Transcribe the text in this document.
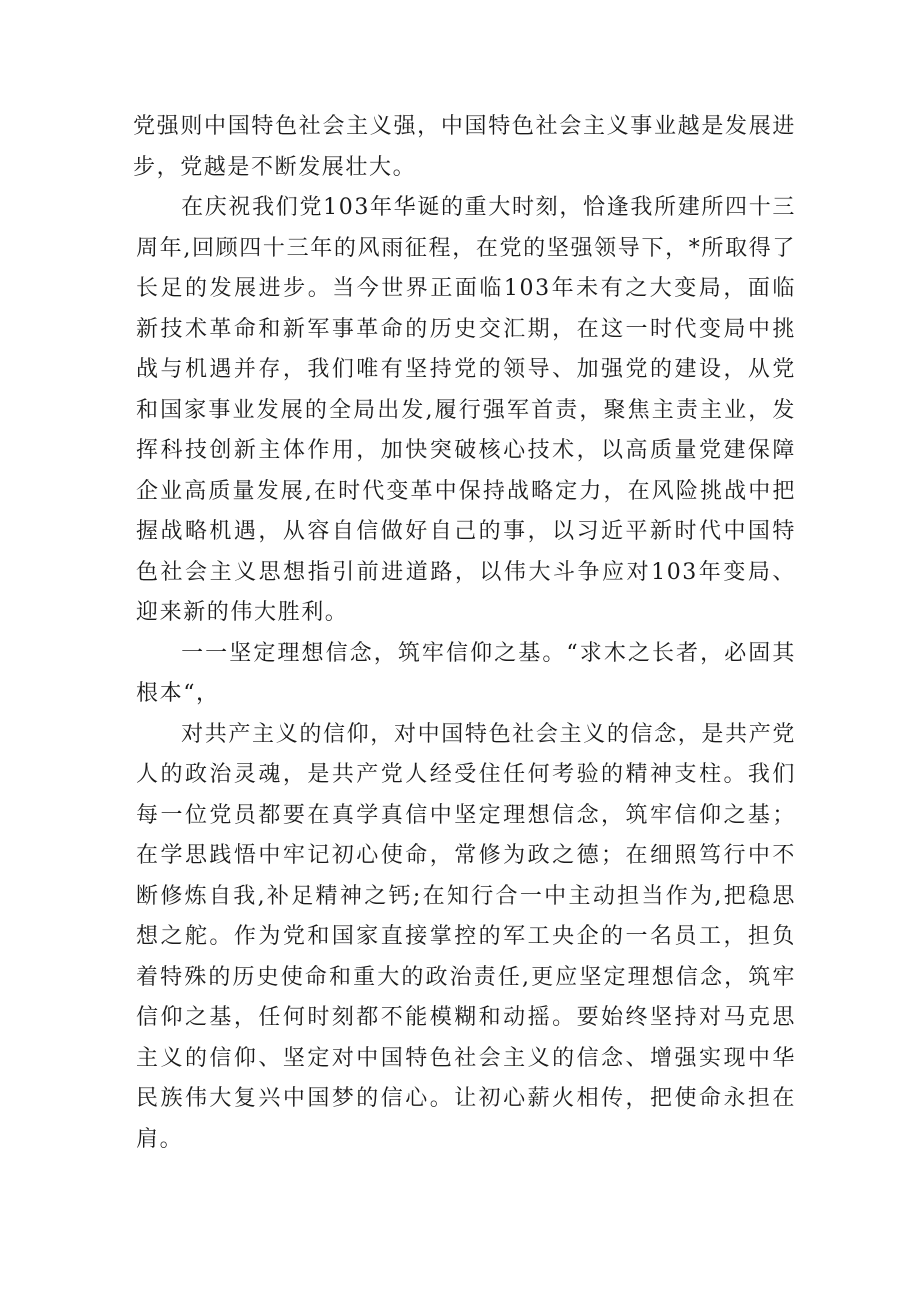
党强则中国特色社会主义强，中国特色社会主义事业越是发展进步，党越是不断发展壮大。

在庆祝我们党103年华诞的重大时刻，恰逢我所建所四十三周年,回顾四十三年的风雨征程，在党的坚强领导下，*所取得了长足的发展进步。当今世界正面临103年未有之大变局，面临新技术革命和新军事革命的历史交汇期，在这一时代变局中挑战与机遇并存，我们唯有坚持党的领导、加强党的建设，从党和国家事业发展的全局出发,履行强军首责，聚焦主责主业，发挥科技创新主体作用，加快突破核心技术，以高质量党建保障企业高质量发展,在时代变革中保持战略定力，在风险挑战中把握战略机遇，从容自信做好自己的事，以习近平新时代中国特色社会主义思想指引前进道路，以伟大斗争应对103年变局、迎来新的伟大胜利。

一一坚定理想信念，筑牢信仰之基。“求木之长者，必固其根本“，

对共产主义的信仰，对中国特色社会主义的信念，是共产党人的政治灵魂，是共产党人经受住任何考验的精神支柱。我们每一位党员都要在真学真信中坚定理想信念，筑牢信仰之基；在学思践悟中牢记初心使命，常修为政之德；在细照笃行中不断修炼自我,补足精神之钙;在知行合一中主动担当作为,把稳思想之舵。作为党和国家直接掌控的军工央企的一名员工，担负着特殊的历史使命和重大的政治责任,更应坚定理想信念，筑牢信仰之基，任何时刻都不能模糊和动摇。要始终坚持对马克思主义的信仰、坚定对中国特色社会主义的信念、增强实现中华民族伟大复兴中国梦的信心。让初心薪火相传，把使命永担在肩。
